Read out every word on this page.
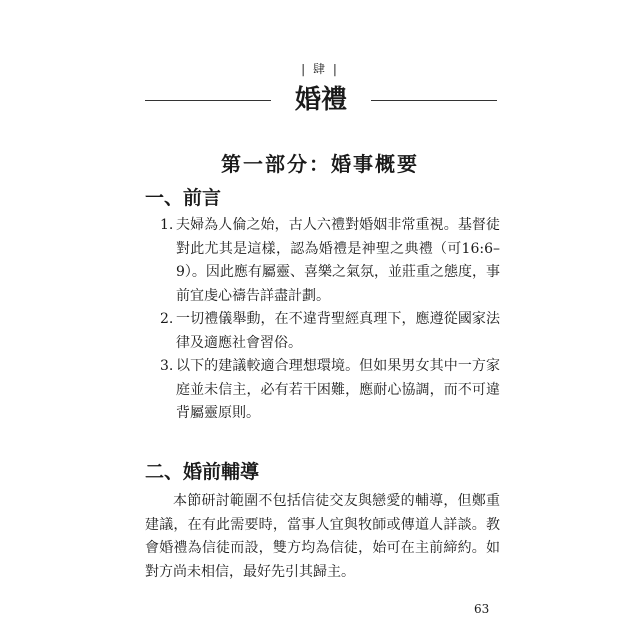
| 肆 |
婚禮
第一部分：婚事概要
一、前言
1. 夫婦為人倫之始，古人六禮對婚姻非常重視。基督徒對此尤其是這樣，認為婚禮是神聖之典禮（可16:6–9）。因此應有屬靈、喜樂之氣氛，並莊重之態度，事前宜虔心禱告詳盡計劃。
2. 一切禮儀舉動，在不違背聖經真理下，應遵從國家法律及適應社會習俗。
3. 以下的建議較適合理想環境。但如果男女其中一方家庭並未信主，必有若干困難，應耐心協調，而不可違背屬靈原則。
二、婚前輔導

本節研討範圍不包括信徒交友與戀愛的輔導，但鄭重建議，在有此需要時，當事人宜與牧師或傳道人詳談。教會婚禮為信徒而設，雙方均為信徒，始可在主前締約。如對方尚未相信，最好先引其歸主。

63
